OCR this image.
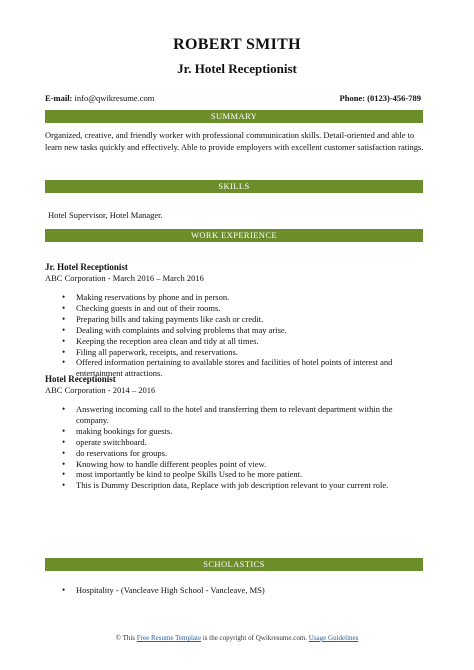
ROBERT SMITH
Jr. Hotel Receptionist
E-mail: info@qwikresume.com	Phone: (0123)-456-789
SUMMARY
Organized, creative, and friendly worker with professional communication skills. Detail-oriented and able to learn new tasks quickly and effectively. Able to provide employers with excellent customer satisfaction ratings.
SKILLS
Hotel Supervisor, Hotel Manager.
WORK EXPERIENCE
Jr. Hotel Receptionist
ABC Corporation - March 2016 – March 2016
• Making reservations by phone and in person.
• Checking guests in and out of their rooms.
• Preparing bills and taking payments like cash or credit.
• Dealing with complaints and solving problems that may arise.
• Keeping the reception area clean and tidy at all times.
• Filing all paperwork, receipts, and reservations.
• Offered information pertaining to available stores and facilities of hotel points of interest and entertainment attractions.
Hotel Receptionist
ABC Corporation - 2014 – 2016
• Answering incoming call to the hotel and transferring them to relevant department within the company.
• making bookings for guests.
• operate switchboard.
• do reservations for groups.
• Knowing how to handle different peoples point of view.
• most importantly be kind to peolpe Skills Used to be more patient.
• This is Dummy Description data, Replace with job description relevant to your current role.
SCHOLASTICS
• Hospitality - (Vancleave High School - Vancleave, MS)
© This Free Resume Template is the copyright of Qwikresume.com. Usage Guidelines
